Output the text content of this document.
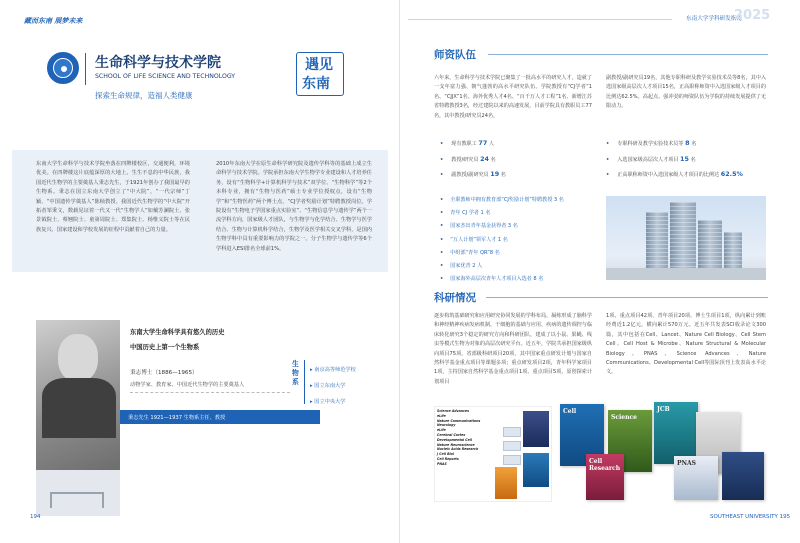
藏而东南 展梦未来
生命科学与技术学院
SCHOOL OF LIFE SCIENCE AND TECHNOLOGY
探索生命规律，造福人类健康
遇见
东南

东南大学生命科学与技术学院坐落在四牌楼校区，交通便利，环境优美。在四牌楼这片底蕴深厚的大地上，生生不息的中华民族，我国近代生物学的主要奠基人秉志先生，于1921年创办了我国最早的生物系。秉志在国立东南大学创立了“中大院”，“一代宗师”丁颖、“中国遗传学奠基人”陈桢教授、我国近代生物学的“中大院”开拓者邹秉文，数载见证着一代又一代“生物学人”如戴芳澜院士、张景钺院士、蔡翘院士、童第周院士、郑集院士、杨惟义院士等在民族复兴、国家建设和学校发展的征程中贡献着自己的力量。

2010年东南大学在原生命科学研究院及遗传学科等的基础上成立生命科学与技术学院。学院承担东南大学生物学专业建设和人才培养任务，设有“生物科学+计算机科学与技术”双学位、“生物科学”等2个本科专业，拥有“生物与医药”硕士专业学位授权点，设有“生物学”和“生物医药”两个博士点，“CJ学者奖励计划”特聘教授岗位。学院设有“生物电子学国家重点实验室”、“生物信息学与遗传学”两个一流学科方向，国家级人才团队，与生物学与化学结合、生物学与医学结合、生物与计算机科学结合，生物学及医学相关交叉学科，是国内生物学科中具有重要影响力的学院之一。分子生物学与遗传学等6个学科进入ESI排名全球前1%。

东南大学生命科学具有悠久的历史
中国历史上第一个生物系
秉志博士（1886—1965）
动物学家、教育家、中国近代生物学的主要奠基人
生物系
▸ 南京高等师范学校
▸ 国立东南大学
▸ 国立中央大学
秉志先生 1921—1937 生物系主任、教授
194
东南大学学科研发指南
2025
师资队伍

六年来，生命科学与技术学院已聚集了一批高水平的研究人才，造就了一支年富力强、朝气蓬勃的高水平研究队伍。学院教授有“CJ学者”1名、“CJJX”1名、海外优秀人才4名、“百千万人才工程”1名、新增江苏省特聘教授3名，经过建院以来的高速发展，目前学院具有教职员工77名，其中教授/研究员24名，

副教授/副研究员19名，其他专职科研及教学实验技术员等8名，其中入选国家级高层次人才项目15名，正高职称师资中入选国家级人才项目的比例达62.5%。高起点、强冲劲的师资队伍为学院的持续发展提供了无限动力。

• 现有教职工 77 人
• 教授/研究员 24 名
• 副教授/副研究员 19 名
• 专职科研及教学实验技术员等 8 名
• 入选国家级高层次人才项目 15 名
• 正高职称师资中入选国家级人才项目的比例达 62.5%
• 全职教师中拥有教育部“CJ奖励计划”特聘教授 3 名
• 青年 CJ 学者 1 名
• 国家杰出青年基金获得者 3 名
• “万人计划”领军人才 1 名
• 中组部“青年 QR”8 名
• 国家优青 2 人
• 国家海外高层次青年人才项目入选者 8 名
科研情况

逐步构筑基础研究和应用研究协同发展的学科布局，凝练形成了脑科学和神经精神疾病发病机制、干细胞的基础与应用、疾病的遗传调控与临床转化研究3个稳定的研究方向和科研团队，建成了以小鼠、果蝇、线虫等模式生物为对象的高层次研究平台。近五年，学院共承担国家级纵向项目75项，省部级科研项目20项，其中国家重点研发计划与国家自然科学基金重点项目等课题多项；重点研发项目2项，青年科学家项目1项，主持国家自然科学基金重点项目1项、重点项目5项，原创探索计划项目

1项、重点项目42项、青年项目20项、博士生项目1项，纵向累计到账经费近1.2亿元，横向累计570万元。近五年共发表SCI收录论文300篇，其中包括在Cell、Lancet、Nature Cell Biology、Cell Stem Cell、Cell Host & Microbe、Nature Structural & Molecular Biology、PNAS、Science Advances、Nature Communications、Developmental Cell等国际顶刊上发表高水平论文。

Science Advances
eLife
Nature Communications
Neurology
eLife
Cerebral Cortex
Developmental Cell
Nature Neuroscience
Nucleic Acids Research
J Cell Biol
Cell Reports
PNAS
Cell
Science
JCB
Cell Research
PNAS
SOUTHEAST UNIVERSITY 195
